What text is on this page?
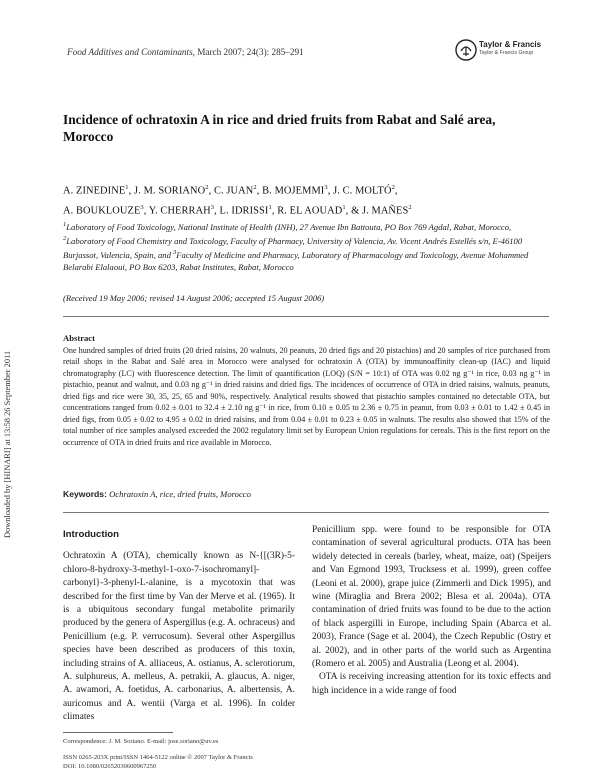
Downloaded by [HINARI] at 13:58 26 September 2011
Food Additives and Contaminants, March 2007; 24(3): 285–291
Taylor & Francis
Taylor & Francis Group
Incidence of ochratoxin A in rice and dried fruits from Rabat and Salé area, Morocco
A. ZINEDINE$^1$, J. M. SORIANO$^2$, C. JUAN$^2$, B. MOJEMMI$^3$, J. C. MOLTÓ$^2$,
A. BOUKLOUZE$^3$, Y. CHERRAH$^3$, L. IDRISSI$^1$, R. EL AOUAD$^1$, & J. MAÑES$^2$
$^1$Laboratory of Food Toxicology, National Institute of Health (INH), 27 Avenue Ibn Battouta, PO Box 769 Agdal, Rabat, Morocco, $^2$Laboratory of Food Chemistry and Toxicology, Faculty of Pharmacy, University of Valencia, Av. Vicent Andrés Estellés s/n, E-46100 Burjassot, Valencia, Spain, and $^3$Faculty of Medicine and Pharmacy, Laboratory of Pharmacology and Toxicology, Avenue Mohammed Belarabi Elalaoui, PO Box 6203, Rabat Institutes, Rabat, Morocco
(Received 19 May 2006; revised 14 August 2006; accepted 15 August 2006)
Abstract
One hundred samples of dried fruits (20 dried raisins, 20 walnuts, 20 peanuts, 20 dried figs and 20 pistachios) and 20 samples of rice purchased from retail shops in the Rabat and Salé area in Morocco were analysed for ochratoxin A (OTA) by immunoaffinity clean-up (IAC) and liquid chromatography (LC) with fluorescence detection. The limit of quantification (LOQ) (S/N = 10:1) of OTA was 0.02 ng g⁻¹ in rice, 0.03 ng g⁻¹ in pistachio, peanut and walnut, and 0.03 ng g⁻¹ in dried raisins and dried figs. The incidences of occurrence of OTA in dried raisins, walnuts, peanuts, dried figs and rice were 30, 35, 25, 65 and 90%, respectively. Analytical results showed that pistachio samples contained no detectable OTA, but concentrations ranged from 0.02 ± 0.01 to 32.4 ± 2.10 ng g⁻¹ in rice, from 0.10 ± 0.05 to 2.36 ± 0.75 in peanut, from 0.03 ± 0.01 to 1.42 ± 0.45 in dried figs, from 0.05 ± 0.02 to 4.95 ± 0.02 in dried raisins, and from 0.04 ± 0.01 to 0.23 ± 0.05 in walnuts. The results also showed that 15% of the total number of rice samples analysed exceeded the 2002 regulatory limit set by European Union regulations for cereals. This is the first report on the occurrence of OTA in dried fruits and rice available in Morocco.
Keywords: Ochratoxin A, rice, dried fruits, Morocco
Introduction

Ochratoxin A (OTA), chemically known as N-{[(3R)-5-chloro-8-hydroxy-3-methyl-1-oxo-7-isochromanyl]-carbonyl}-3-phenyl-L-alanine, is a mycotoxin that was described for the first time by Van der Merve et al. (1965). It is a ubiquitous secondary fungal metabolite primarily produced by the genera of Aspergillus (e.g. A. ochraceus) and Penicillium (e.g. P. verrucosum). Several other Aspergillus species have been described as producers of this toxin, including strains of A. alliaceus, A. ostianus, A. sclerotiorum, A. sulphureus, A. melleus, A. petrakii, A. glaucus, A. niger, A. awamori, A. foetidus, A. carbonarius, A. albertensis, A. auricomus and A. wentii (Varga et al. 1996). In colder climates

Penicillium spp. were found to be responsible for OTA contamination of several agricultural products. OTA has been widely detected in cereals (barley, wheat, maize, oat) (Speijers and Van Egmond 1993, Trucksess et al. 1999), green coffee (Leoni et al. 2000), grape juice (Zimmerli and Dick 1995), and wine (Miraglia and Brera 2002; Blesa et al. 2004a). OTA contamination of dried fruits was found to be due to the action of black aspergilli in Europe, including Spain (Abarca et al. 2003), France (Sage et al. 2004), the Czech Republic (Ostry et al. 2002), and in other parts of the world such as Argentina (Romero et al. 2005) and Australia (Leong et al. 2004).

OTA is receiving increasing attention for its toxic effects and high incidence in a wide range of food

Correspondence: J. M. Soriano. E-mail: jose.soriano@uv.es
ISSN 0265-203X print/ISSN 1464-5122 online © 2007 Taylor & Francis
DOI: 10.1080/02652030600967250
